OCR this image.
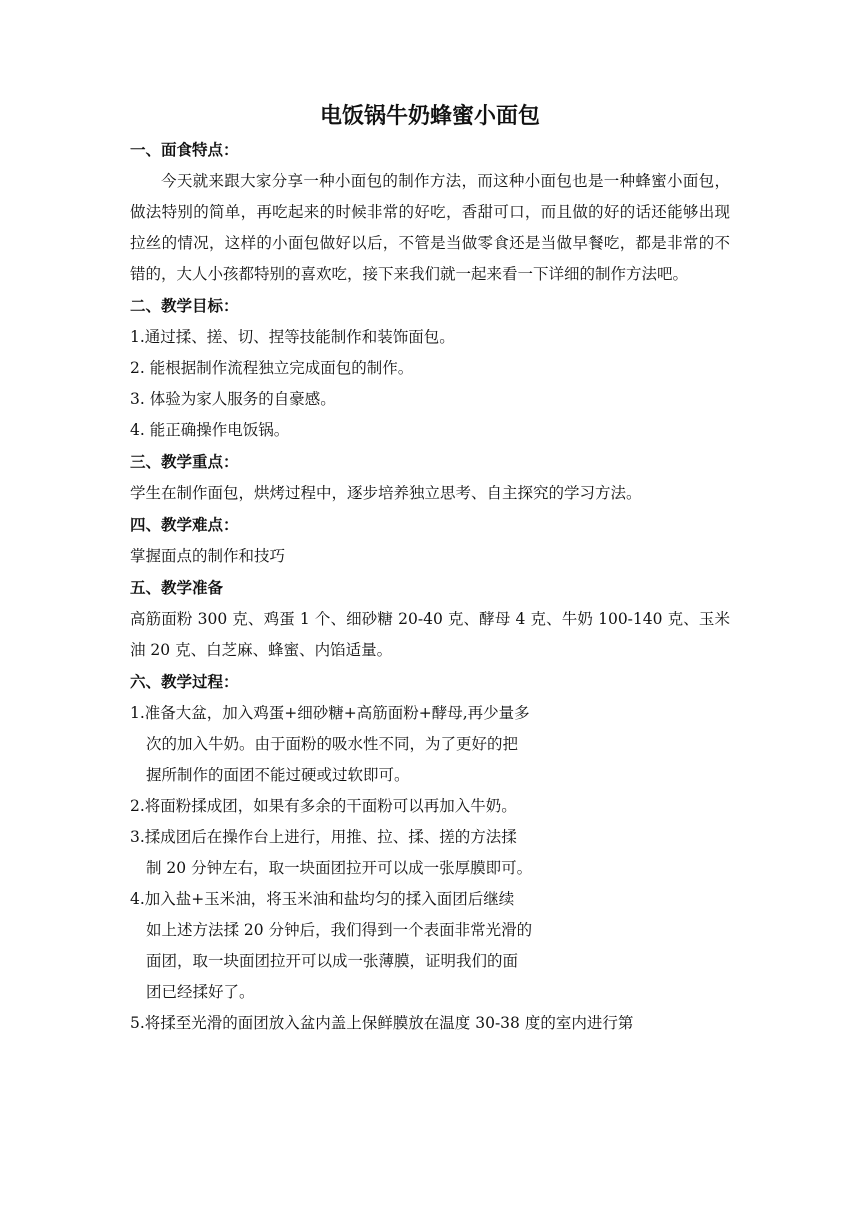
电饭锅牛奶蜂蜜小面包

一、面食特点：

今天就来跟大家分享一种小面包的制作方法，而这种小面包也是一种蜂蜜小面包，做法特别的简单，再吃起来的时候非常的好吃，香甜可口，而且做的好的话还能够出现拉丝的情况，这样的小面包做好以后，不管是当做零食还是当做早餐吃，都是非常的不错的，大人小孩都特别的喜欢吃，接下来我们就一起来看一下详细的制作方法吧。

二、教学目标：

1.通过揉、搓、切、捏等技能制作和装饰面包。

2. 能根据制作流程独立完成面包的制作。

3. 体验为家人服务的自豪感。

4. 能正确操作电饭锅。

三、教学重点：

学生在制作面包，烘烤过程中，逐步培养独立思考、自主探究的学习方法。

四、教学难点：

掌握面点的制作和技巧

五、教学准备

高筋面粉 300 克、鸡蛋 1 个、细砂糖 20-40 克、酵母 4 克、牛奶 100-140 克、玉米油 20 克、白芝麻、蜂蜜、内馅适量。

六、教学过程：

1.准备大盆，加入鸡蛋+细砂糖+高筋面粉+酵母,再少量多

次的加入牛奶。由于面粉的吸水性不同，为了更好的把

握所制作的面团不能过硬或过软即可。

2.将面粉揉成团，如果有多余的干面粉可以再加入牛奶。

3.揉成团后在操作台上进行，用推、拉、揉、搓的方法揉

制 20 分钟左右，取一块面团拉开可以成一张厚膜即可。

4.加入盐+玉米油，将玉米油和盐均匀的揉入面团后继续

如上述方法揉 20 分钟后，我们得到一个表面非常光滑的

面团，取一块面团拉开可以成一张薄膜，证明我们的面

团已经揉好了。

5.将揉至光滑的面团放入盆内盖上保鲜膜放在温度 30-38 度的室内进行第
